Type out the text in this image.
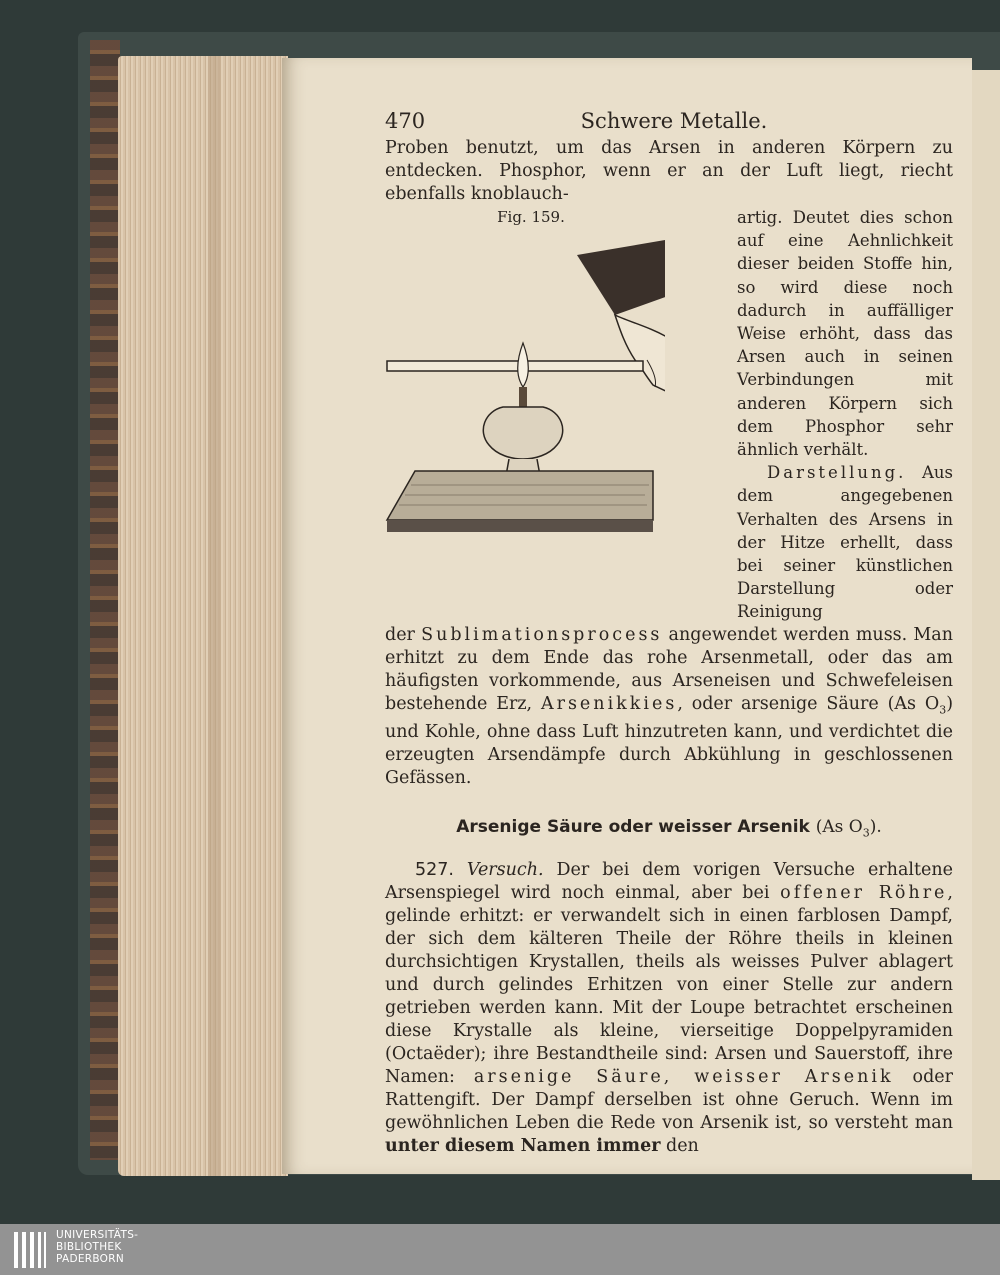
470	Schwere Metalle.

Proben benutzt, um das Arsen in anderen Körpern zu entdecken. Phosphor, wenn er an der Luft liegt, riecht ebenfalls knoblauch-

Fig. 159.	artig. Deutet dies schon auf eine Aehnlichkeit dieser beiden Stoffe hin, so wird diese noch dadurch in auffälliger Weise erhöht, dass das Arsen auch in seinen Verbindungen mit anderen Körpern sich dem Phosphor sehr ähnlich verhält.
Darstellung. Aus dem angegebenen Verhalten des Arsens in der Hitze erhellt, dass bei seiner künstlichen Darstellung oder Reinigung

der Sublimationsprocess angewendet werden muss. Man erhitzt zu dem Ende das rohe Arsenmetall, oder das am häufigsten vorkommende, aus Arseneisen und Schwefeleisen bestehende Erz, Arsenikkies, oder arsenige Säure (As $O_3$) und Kohle, ohne dass Luft hinzutreten kann, und verdichtet die erzeugten Arsendämpfe durch Abkühlung in geschlossenen Gefässen.

Arsenige Säure oder weisser Arsenik (As $O_3$).

527. Versuch. Der bei dem vorigen Versuche erhaltene Arsenspiegel wird noch einmal, aber bei offener Röhre, gelinde erhitzt: er verwandelt sich in einen farblosen Dampf, der sich dem kälteren Theile der Röhre theils in kleinen durchsichtigen Krystallen, theils als weisses Pulver ablagert und durch gelindes Erhitzen von einer Stelle zur andern getrieben werden kann. Mit der Loupe betrachtet erscheinen diese Krystalle als kleine, vierseitige Doppelpyramiden (Octaëder); ihre Bestandtheile sind: Arsen und Sauerstoff, ihre Namen: arsenige Säure, weisser Arsenik oder Rattengift. Der Dampf derselben ist ohne Geruch. Wenn im gewöhnlichen Leben die Rede von Arsenik ist, so versteht man unter diesem Namen immer den

UNIVERSITÄTS-
BIBLIOTHEK
PADERBORN
